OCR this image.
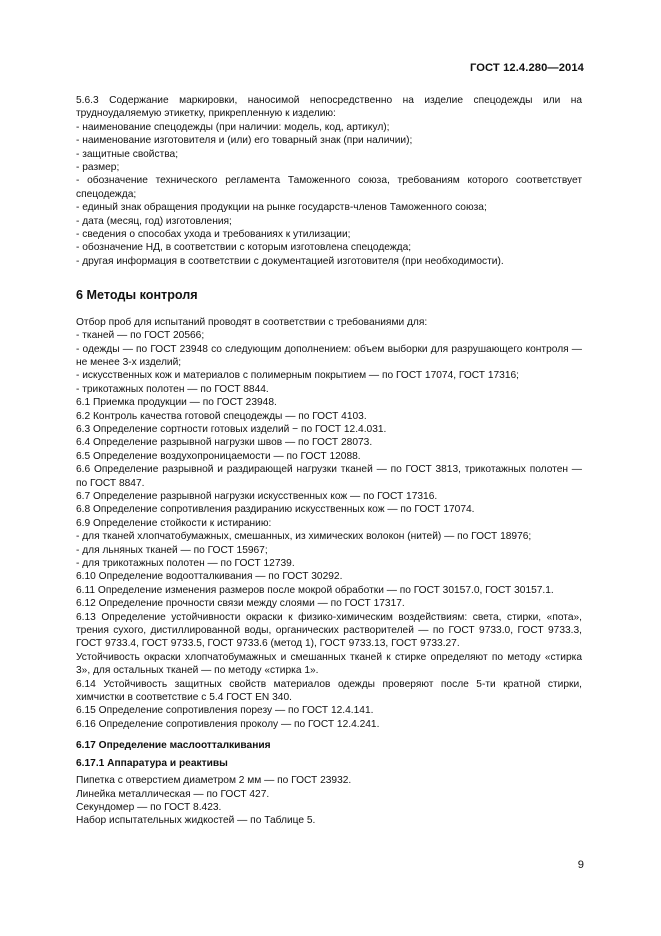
ГОСТ 12.4.280—2014

5.6.3 Содержание маркировки, наносимой непосредственно на изделие спецодежды или на трудноудаляемую этикетку, прикрепленную к изделию:

- наименование спецодежды (при наличии: модель, код, артикул);

- наименование изготовителя и (или) его товарный знак (при наличии);

- защитные свойства;

- размер;

- обозначение технического регламента Таможенного союза, требованиям которого соответствует спецодежда;

- единый знак обращения продукции на рынке государств-членов Таможенного союза;

- дата (месяц, год) изготовления;

- сведения о способах ухода и требованиях к утилизации;

- обозначение НД, в соответствии с которым изготовлена спецодежда;

- другая информация в соответствии с документацией изготовителя (при необходимости).

6 Методы контроля

Отбор проб для испытаний проводят в соответствии с требованиями для:

- тканей — по ГОСТ 20566;

- одежды — по ГОСТ 23948 со следующим дополнением: объем выборки для разрушающего контроля — не менее 3-х изделий;

- искусственных кож и материалов с полимерным покрытием — по ГОСТ 17074, ГОСТ 17316;

- трикотажных полотен — по ГОСТ 8844.

6.1 Приемка продукции — по ГОСТ 23948.

6.2 Контроль качества готовой спецодежды — по ГОСТ 4103.

6.3 Определение сортности готовых изделий − по ГОСТ 12.4.031.

6.4 Определение разрывной нагрузки швов — по ГОСТ 28073.

6.5 Определение воздухопроницаемости — по ГОСТ 12088.

6.6 Определение разрывной и раздирающей нагрузки тканей — по ГОСТ 3813, трикотажных полотен — по ГОСТ 8847.

6.7 Определение разрывной нагрузки искусственных кож — по ГОСТ 17316.

6.8 Определение сопротивления раздиранию искусственных кож — по ГОСТ 17074.

6.9 Определение стойкости к истиранию:

- для тканей хлопчатобумажных, смешанных, из химических волокон (нитей) — по ГОСТ 18976;

- для льняных тканей — по ГОСТ 15967;

- для трикотажных полотен — по ГОСТ 12739.

6.10 Определение водоотталкивания — по ГОСТ 30292.

6.11 Определение изменения размеров после мокрой обработки — по ГОСТ 30157.0, ГОСТ 30157.1.

6.12 Определение прочности связи между слоями — по ГОСТ 17317.

6.13 Определение устойчивности окраски к физико-химическим воздействиям: света, стирки, «пота», трения сухого, дистиллированной воды, органических растворителей — по ГОСТ 9733.0, ГОСТ 9733.3, ГОСТ 9733.4, ГОСТ 9733.5, ГОСТ 9733.6 (метод 1), ГОСТ 9733.13, ГОСТ 9733.27.

Устойчивость окраски хлопчатобумажных и смешанных тканей к стирке определяют по методу «стирка 3», для остальных тканей — по методу «стирка 1».

6.14 Устойчивость защитных свойств материалов одежды проверяют после 5-ти кратной стирки, химчистки в соответствие с 5.4 ГОСТ EN 340.

6.15 Определение сопротивления порезу — по ГОСТ 12.4.141.

6.16 Определение сопротивления проколу — по ГОСТ 12.4.241.

6.17 Определение маслоотталкивания
6.17.1 Аппаратура и реактивы

Пипетка с отверстием диаметром 2 мм — по ГОСТ 23932.

Линейка металлическая — по ГОСТ 427.

Секундомер — по ГОСТ 8.423.

Набор испытательных жидкостей — по Таблице 5.

9
